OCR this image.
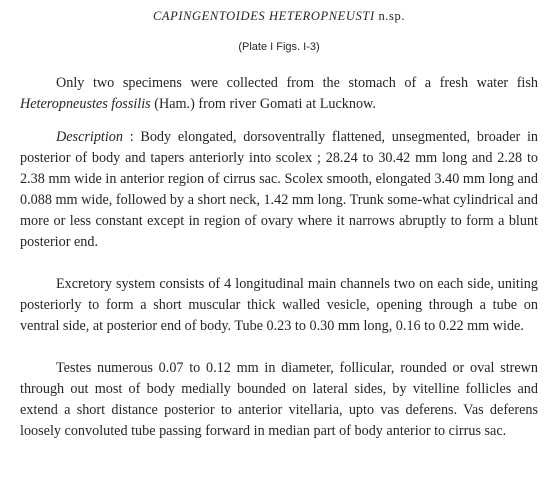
CAPINGENTOIDES HETEROPNEUSTI n.sp.

(Plate I Figs. I-3)

Only two specimens were collected from the stomach of a fresh water fish Heteropneustes fossilis (Ham.) from river Gomati at Lucknow.

Description : Body elongated, dorsoventrally flattened, unsegmented, broader in posterior of body and tapers anteriorly into scolex ; 28.24 to 30.42 mm long and 2.28 to 2.38 mm wide in anterior region of cirrus sac. Scolex smooth, elongated 3.40 mm long and 0.088 mm wide, followed by a short neck, 1.42 mm long. Trunk some-what cylindrical and more or less constant except in region of ovary where it narrows abruptly to form a blunt posterior end.

Excretory system consists of 4 longitudinal main channels two on each side, uniting posteriorly to form a short muscular thick walled vesicle, opening through a tube on ventral side, at posterior end of body. Tube 0.23 to 0.30 mm long, 0.16 to 0.22 mm wide.

Testes numerous 0.07 to 0.12 mm in diameter, follicular, rounded or oval strewn through out most of body medially bounded on lateral sides, by vitelline follicles and extend a short distance posterior to anterior vitellaria, upto vas deferens. Vas deferens loosely convoluted tube passing forward in median part of body anterior to cirrus sac.
